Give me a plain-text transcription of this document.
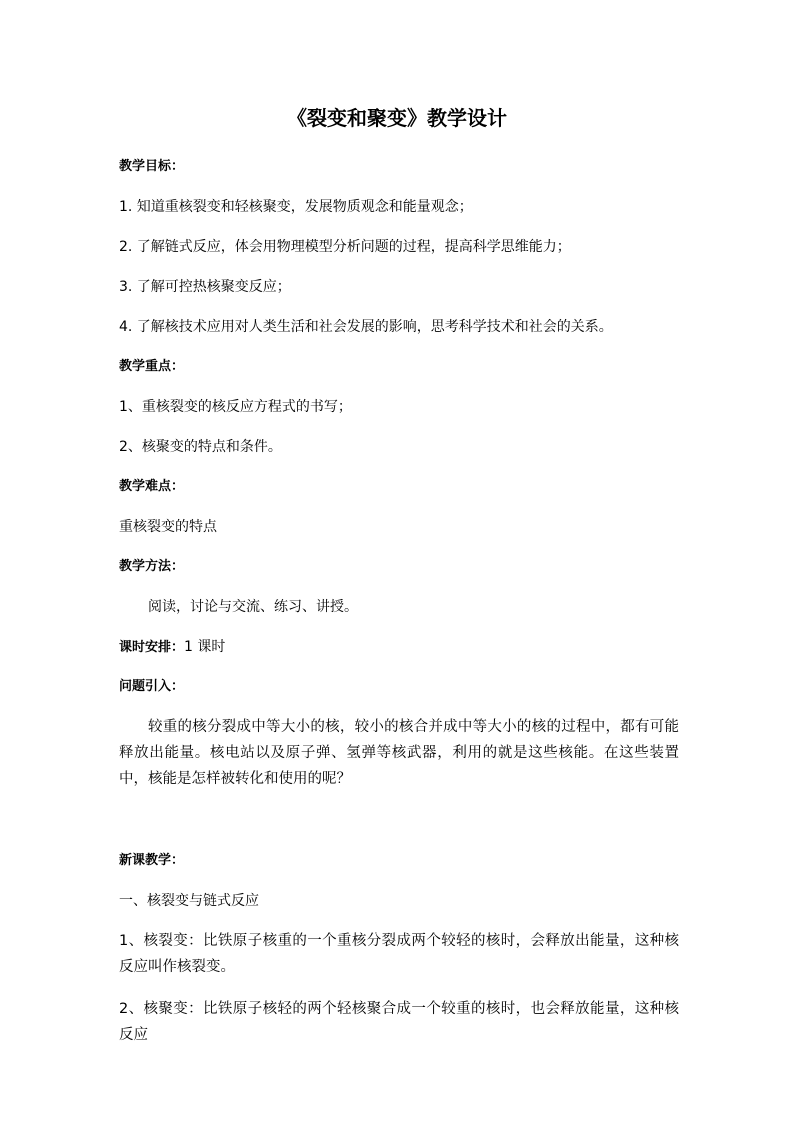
《裂变和聚变》教学设计
教学目标：
1. 知道重核裂变和轻核聚变，发展物质观念和能量观念；
2. 了解链式反应，体会用物理模型分析问题的过程，提高科学思维能力；
3. 了解可控热核聚变反应；
4. 了解核技术应用对人类生活和社会发展的影响，思考科学技术和社会的关系。
教学重点：
1、重核裂变的核反应方程式的书写；
2、核聚变的特点和条件。
教学难点：
重核裂变的特点
教学方法：
阅读，讨论与交流、练习、讲授。
课时安排：1 课时
问题引入：
较重的核分裂成中等大小的核，较小的核合并成中等大小的核的过程中，都有可能释放出能量。核电站以及原子弹、氢弹等核武器，利用的就是这些核能。在这些装置中，核能是怎样被转化和使用的呢？
新课教学：
一、核裂变与链式反应
1、核裂变：比铁原子核重的一个重核分裂成两个较轻的核时，会释放出能量，这种核反应叫作核裂变。
2、核聚变：比铁原子核轻的两个轻核聚合成一个较重的核时，也会释放能量，这种核反应
